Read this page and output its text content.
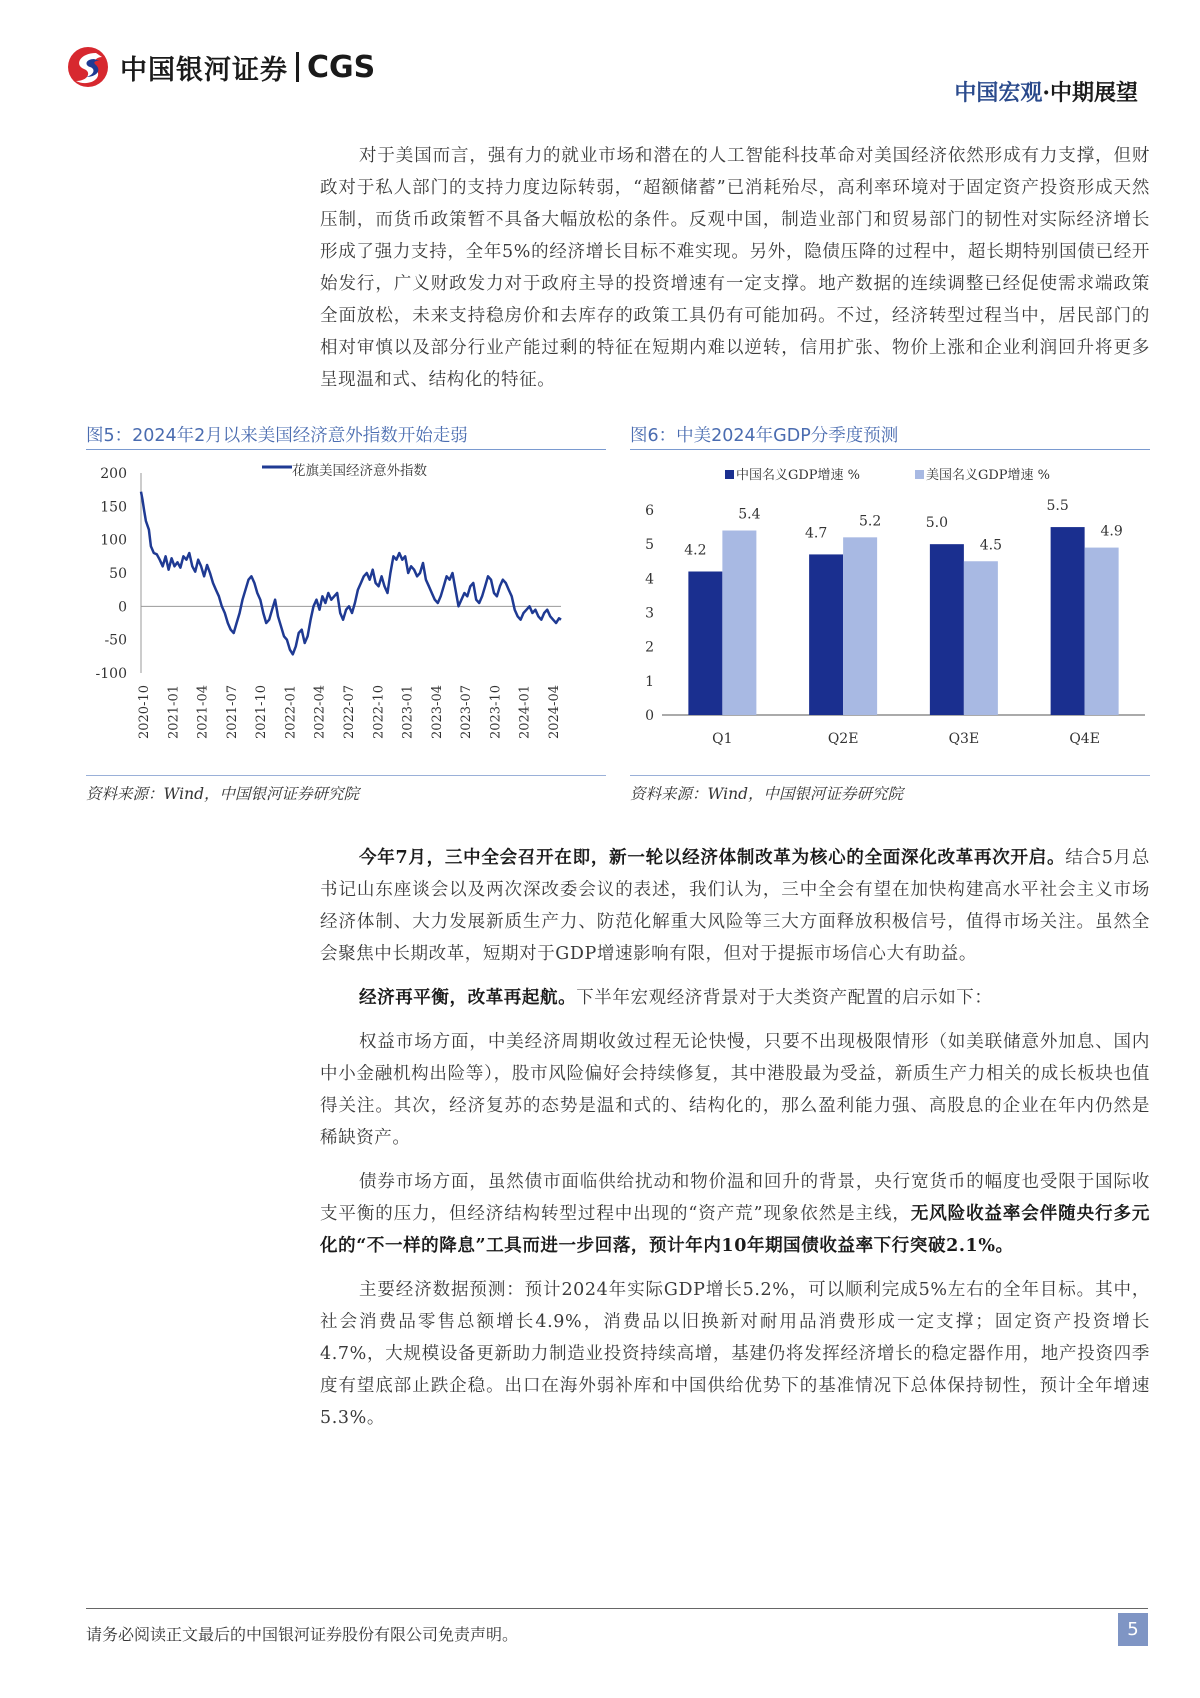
中国银河证券 CGS
中国宏观·中期展望

对于美国而言，强有力的就业市场和潜在的人工智能科技革命对美国经济依然形成有力支撑，但财政对于私人部门的支持力度边际转弱，“超额储蓄”已消耗殆尽，高利率环境对于固定资产投资形成天然压制，而货币政策暂不具备大幅放松的条件。反观中国，制造业部门和贸易部门的韧性对实际经济增长形成了强力支持，全年5%的经济增长目标不难实现。另外，隐债压降的过程中，超长期特别国债已经开始发行，广义财政发力对于政府主导的投资增速有一定支撑。地产数据的连续调整已经促使需求端政策全面放松，未来支持稳房价和去库存的政策工具仍有可能加码。不过，经济转型过程当中，居民部门的相对审慎以及部分行业产能过剩的特征在短期内难以逆转，信用扩张、物价上涨和企业利润回升将更多呈现温和式、结构化的特征。

图5：2024年2月以来美国经济意外指数开始走弱
200
150
100
50
0
-50
-100
2020-10 2021-01 2021-04 2021-07 2021-10 2022-01 2022-04 2022-07 2022-10 2023-01 2023-04 2023-07 2023-10 2024-01 2024-04
花旗美国经济意外指数
资料来源：Wind，中国银河证券研究院
图6：中美2024年GDP分季度预测
0
1
2
3
4
5
6
4.2
5.4
Q1
4.7
5.2
Q2E
5.0
4.5
Q3E
5.5
4.9
Q4E
中国名义GDP增速 %	美国名义GDP增速 %
资料来源：Wind，中国银河证券研究院

今年7月，三中全会召开在即，新一轮以经济体制改革为核心的全面深化改革再次开启。结合5月总书记山东座谈会以及两次深改委会议的表述，我们认为，三中全会有望在加快构建高水平社会主义市场经济体制、大力发展新质生产力、防范化解重大风险等三大方面释放积极信号，值得市场关注。虽然全会聚焦中长期改革，短期对于GDP增速影响有限，但对于提振市场信心大有助益。

经济再平衡，改革再起航。下半年宏观经济背景对于大类资产配置的启示如下：

权益市场方面，中美经济周期收敛过程无论快慢，只要不出现极限情形（如美联储意外加息、国内中小金融机构出险等），股市风险偏好会持续修复，其中港股最为受益，新质生产力相关的成长板块也值得关注。其次，经济复苏的态势是温和式的、结构化的，那么盈利能力强、高股息的企业在年内仍然是稀缺资产。

债券市场方面，虽然债市面临供给扰动和物价温和回升的背景，央行宽货币的幅度也受限于国际收支平衡的压力，但经济结构转型过程中出现的“资产荒”现象依然是主线，无风险收益率会伴随央行多元化的“不一样的降息”工具而进一步回落，预计年内10年期国债收益率下行突破2.1%。

主要经济数据预测：预计2024年实际GDP增长5.2%，可以顺利完成5%左右的全年目标。其中，社会消费品零售总额增长4.9%，消费品以旧换新对耐用品消费形成一定支撑；固定资产投资增长4.7%，大规模设备更新助力制造业投资持续高增，基建仍将发挥经济增长的稳定器作用，地产投资四季度有望底部止跌企稳。出口在海外弱补库和中国供给优势下的基准情况下总体保持韧性，预计全年增速5.3%。

请务必阅读正文最后的中国银河证券股份有限公司免责声明。	5
